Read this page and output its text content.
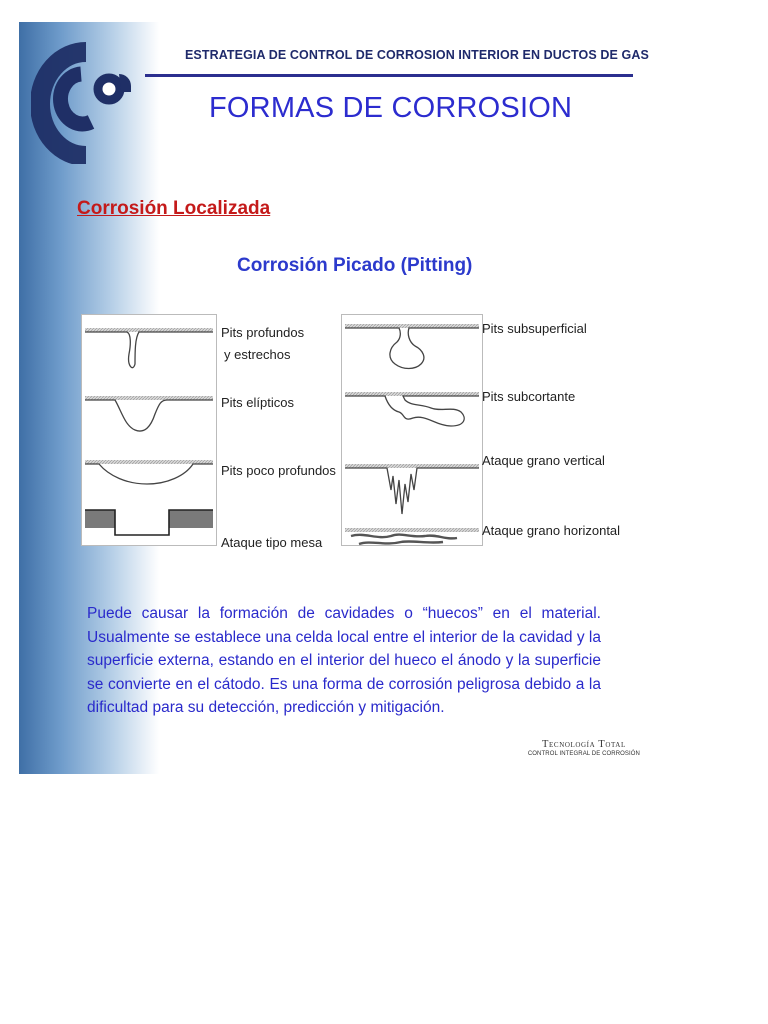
ESTRATEGIA DE CONTROL DE CORROSION INTERIOR EN DUCTOS DE GAS
FORMAS DE CORROSION
Corrosión Localizada
Corrosión Picado (Pitting)
Pits profundos
y estrechos
Pits elípticos
Pits poco profundos
Ataque tipo mesa
Pits subsuperficial
Pits subcortante
Ataque grano vertical
Ataque grano horizontal
Puede causar la formación de cavidades o “huecos” en el material. Usualmente se establece una celda local entre el interior de la cavidad y la superficie externa, estando en el interior del hueco el ánodo y la superficie se convierte en el cátodo. Es una forma de corrosión peligrosa debido a la dificultad para su detección, predicción y mitigación.
Tecnología Total
CONTROL INTEGRAL DE CORROSIÓN
